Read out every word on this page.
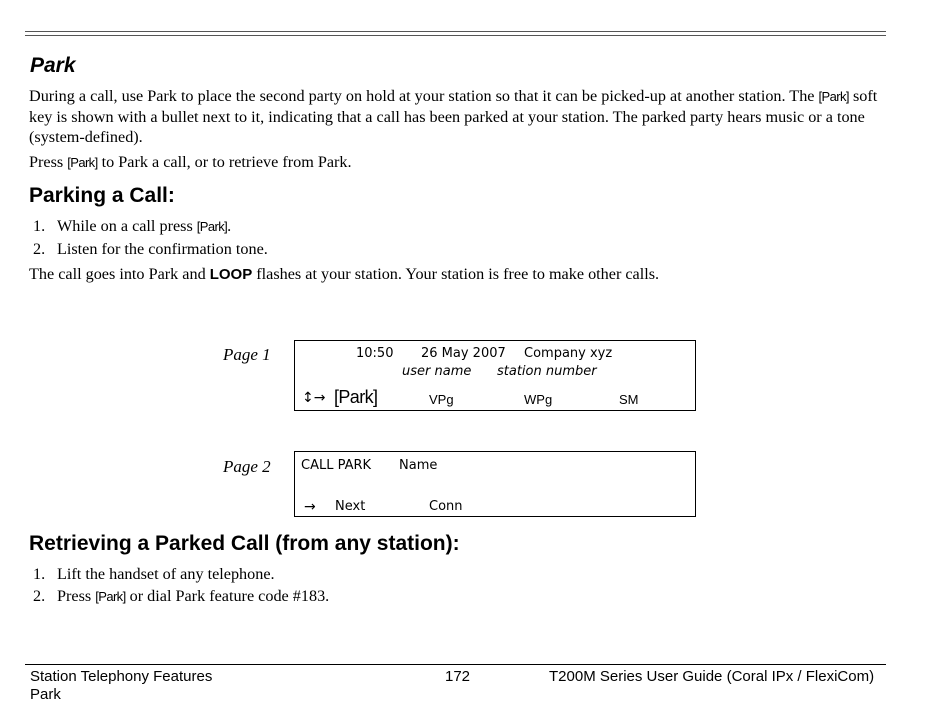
Park
During a call, use Park to place the second party on hold at your station so that it can be picked-up at another station. The [Park] soft key is shown with a bullet next to it, indicating that a call has been parked at your station. The parked party hears music or a tone (system-defined).
Press [Park] to Park a call, or to retrieve from Park.
Parking a Call:
1. While on a call press [Park].
2. Listen for the confirmation tone.
The call goes into Park and LOOP flashes at your station. Your station is free to make other calls.
Page 1	10:50 26 May 2007 Company xyz
user name station number
↕→ [Park]	VPg	WPg	SM
Page 2 CALL PARK Name
→ Next	Conn
Retrieving a Parked Call (from any station):
1. Lift the handset of any telephone.
2. Press [Park] or dial Park feature code #183.
Station Telephony Features
Park
172	T200M Series User Guide (Coral IPx / FlexiCom)
